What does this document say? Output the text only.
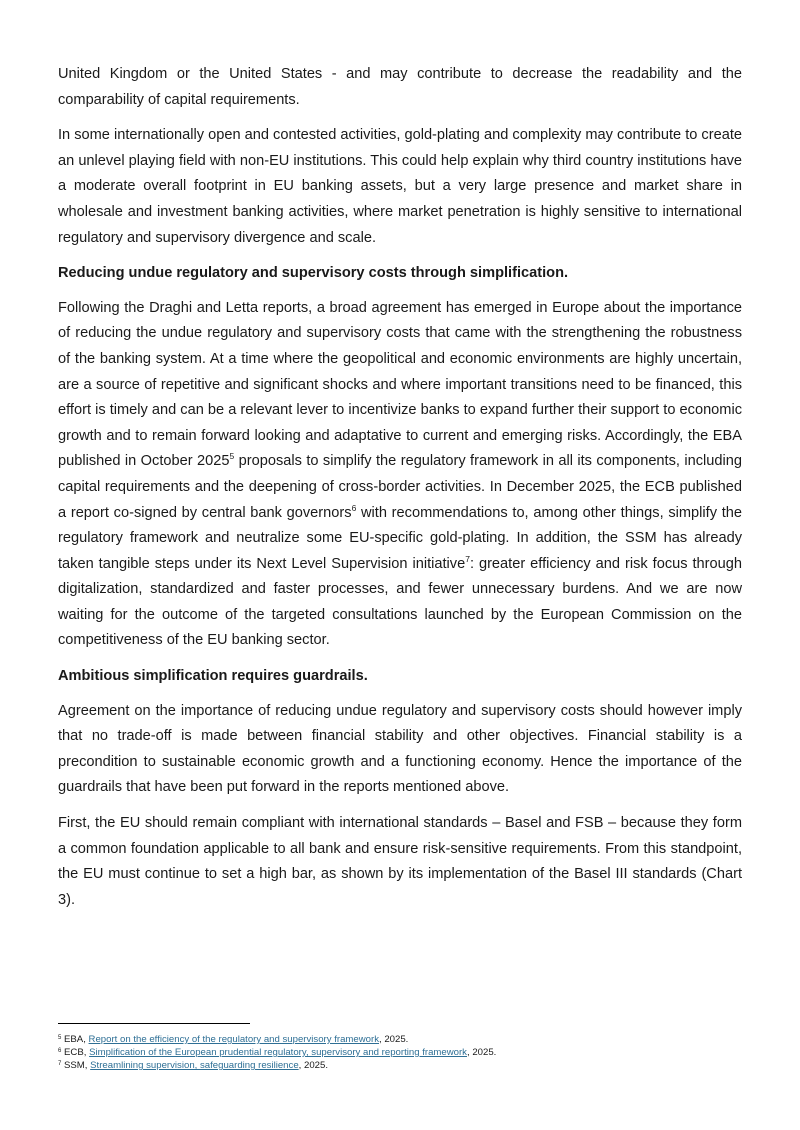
United Kingdom or the United States - and may contribute to decrease the readability and the comparability of capital requirements.

In some internationally open and contested activities, gold-plating and complexity may contribute to create an unlevel playing field with non-EU institutions. This could help explain why third country institutions have a moderate overall footprint in EU banking assets, but a very large presence and market share in wholesale and investment banking activities, where market penetration is highly sensitive to international regulatory and supervisory divergence and scale.

Reducing undue regulatory and supervisory costs through simplification.

Following the Draghi and Letta reports, a broad agreement has emerged in Europe about the importance of reducing the undue regulatory and supervisory costs that came with the strengthening the robustness of the banking system. At a time where the geopolitical and economic environments are highly uncertain, are a source of repetitive and significant shocks and where important transitions need to be financed, this effort is timely and can be a relevant lever to incentivize banks to expand further their support to economic growth and to remain forward looking and adaptative to current and emerging risks. Accordingly, the EBA published in October 2025$^5$ proposals to simplify the regulatory framework in all its components, including capital requirements and the deepening of cross-border activities. In December 2025, the ECB published a report co-signed by central bank governors$^6$ with recommendations to, among other things, simplify the regulatory framework and neutralize some EU-specific gold-plating. In addition, the SSM has already taken tangible steps under its Next Level Supervision initiative$^7$: greater efficiency and risk focus through digitalization, standardized and faster processes, and fewer unnecessary burdens. And we are now waiting for the outcome of the targeted consultations launched by the European Commission on the competitiveness of the EU banking sector.

Ambitious simplification requires guardrails.

Agreement on the importance of reducing undue regulatory and supervisory costs should however imply that no trade-off is made between financial stability and other objectives. Financial stability is a precondition to sustainable economic growth and a functioning economy. Hence the importance of the guardrails that have been put forward in the reports mentioned above.

First, the EU should remain compliant with international standards – Basel and FSB – because they form a common foundation applicable to all bank and ensure risk-sensitive requirements. From this standpoint, the EU must continue to set a high bar, as shown by its implementation of the Basel III standards (Chart 3).

$^5$ EBA, Report on the efficiency of the regulatory and supervisory framework, 2025.

$^6$ ECB, Simplification of the European prudential regulatory, supervisory and reporting framework, 2025.

$^7$ SSM, Streamlining supervision, safeguarding resilience, 2025.
